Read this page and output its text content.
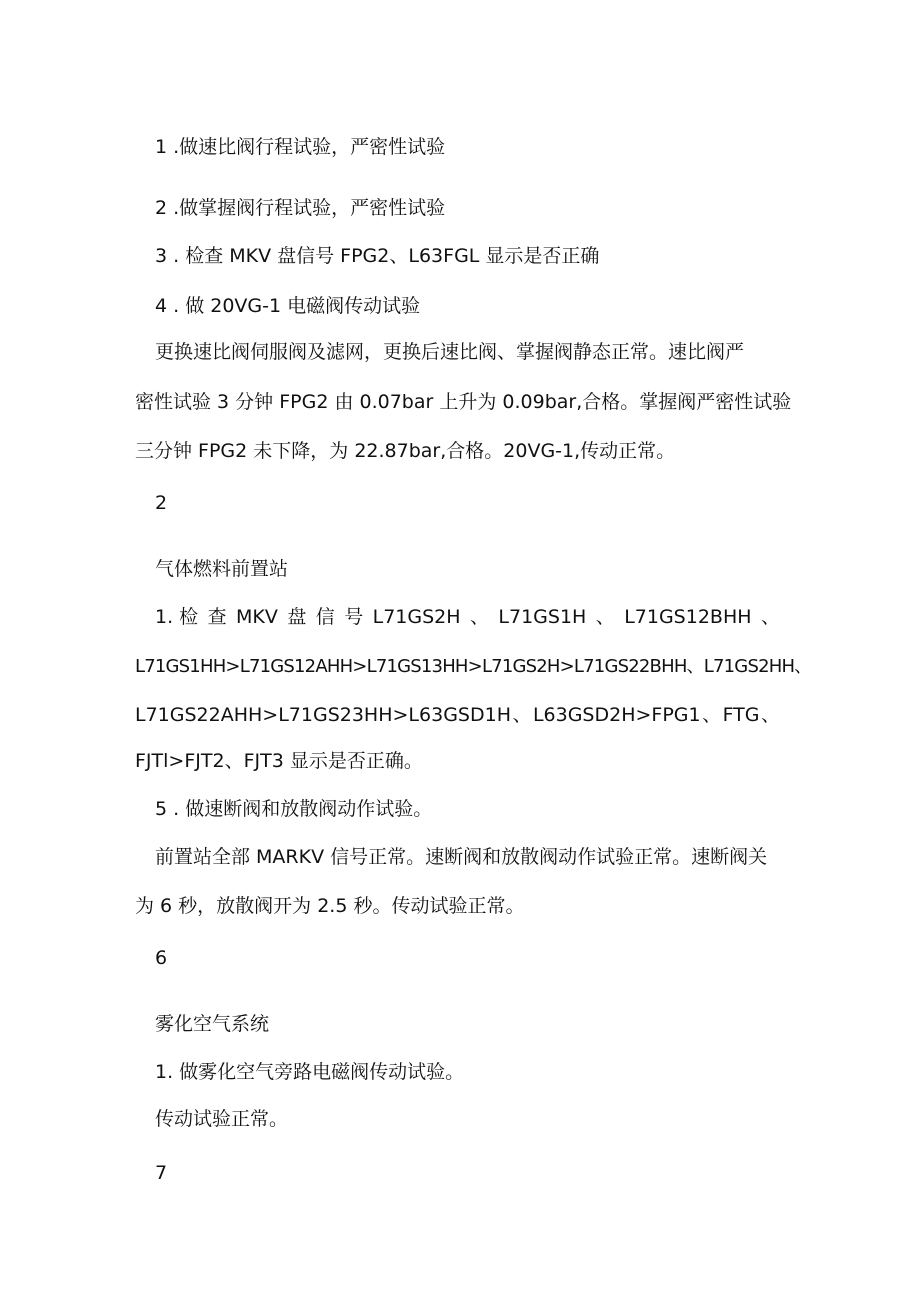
1 .做速比阀行程试验，严密性试验
2 .做掌握阀行程试验，严密性试验
3 . 检查 MKV 盘信号 FPG2、L63FGL 显示是否正确
4 . 做 20VG-1 电磁阀传动试验
更换速比阀伺服阀及滤网，更换后速比阀、掌握阀静态正常。速比阀严
密性试验 3 分钟 FPG2 由 0.07bar 上升为 0.09bar,合格。掌握阀严密性试验
三分钟 FPG2 未下降，为 22.87bar,合格。20VG-1,传动正常。
2
气体燃料前置站
1. 检 查 MKV 盘 信 号 L71GS2H 、 L71GS1H 、 L71GS12BHH 、
L71GS1HH>L71GS12AHH>L71GS13HH>L71GS2H>L71GS22BHH、L71GS2HH、
L71GS22AHH>L71GS23HH>L63GSD1H 、 L63GSD2H>FPG1 、 FTG 、
FJTl>FJT2、FJT3 显示是否正确。
5 . 做速断阀和放散阀动作试验。
前置站全部 MARKV 信号正常。速断阀和放散阀动作试验正常。速断阀关
为 6 秒，放散阀开为 2.5 秒。传动试验正常。
6
雾化空气系统
1. 做雾化空气旁路电磁阀传动试验。
传动试验正常。
7
